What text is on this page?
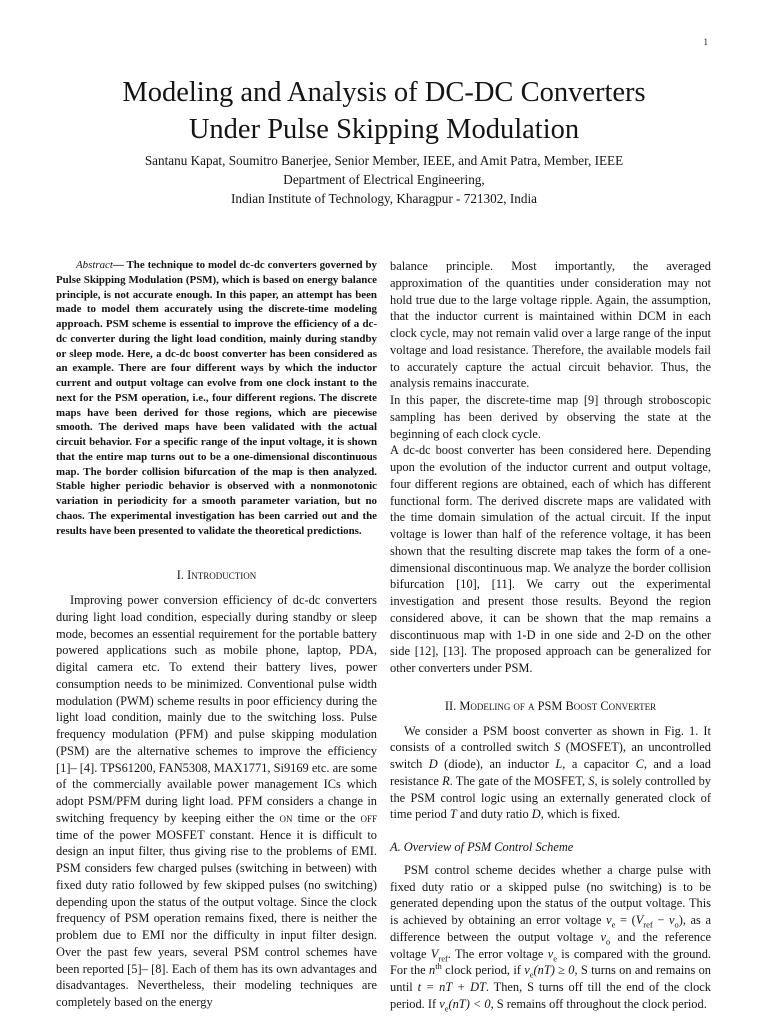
1
Modeling and Analysis of DC-DC Converters
Under Pulse Skipping Modulation
Santanu Kapat, Soumitro Banerjee, Senior Member, IEEE, and Amit Patra, Member, IEEE
Department of Electrical Engineering,
Indian Institute of Technology, Kharagpur - 721302, India

Abstract— The technique to model dc-dc converters governed by Pulse Skipping Modulation (PSM), which is based on energy balance principle, is not accurate enough. In this paper, an attempt has been made to model them accurately using the discrete-time modeling approach. PSM scheme is essential to improve the efficiency of a dc-dc converter during the light load condition, mainly during standby or sleep mode. Here, a dc-dc boost converter has been considered as an example. There are four different ways by which the inductor current and output voltage can evolve from one clock instant to the next for the PSM operation, i.e., four different regions. The discrete maps have been derived for those regions, which are piecewise smooth. The derived maps have been validated with the actual circuit behavior. For a specific range of the input voltage, it is shown that the entire map turns out to be a one-dimensional discontinuous map. The border collision bifurcation of the map is then analyzed. Stable higher periodic behavior is observed with a nonmonotonic variation in periodicity for a smooth parameter variation, but no chaos. The experimental investigation has been carried out and the results have been presented to validate the theoretical predictions.

I. Introduction

Improving power conversion efficiency of dc-dc converters during light load condition, especially during standby or sleep mode, becomes an essential requirement for the portable battery powered applications such as mobile phone, laptop, PDA, digital camera etc. To extend their battery lives, power consumption needs to be minimized. Conventional pulse width modulation (PWM) scheme results in poor efficiency during the light load condition, mainly due to the switching loss. Pulse frequency modulation (PFM) and pulse skipping modulation (PSM) are the alternative schemes to improve the efficiency [1]– [4]. TPS61200, FAN5308, MAX1771, Si9169 etc. are some of the commercially available power management ICs which adopt PSM/PFM during light load. PFM considers a change in switching frequency by keeping either the on time or the off time of the power MOSFET constant. Hence it is difficult to design an input filter, thus giving rise to the problems of EMI. PSM considers few charged pulses (switching in between) with fixed duty ratio followed by few skipped pulses (no switching) depending upon the status of the output voltage. Since the clock frequency of PSM operation remains fixed, there is neither the problem due to EMI nor the difficulty in input filter design. Over the past few years, several PSM control schemes have been reported [5]– [8]. Each of them has its own advantages and disadvantages. Nevertheless, their modeling techniques are completely based on the energy

balance principle. Most importantly, the averaged approximation of the quantities under consideration may not hold true due to the large voltage ripple. Again, the assumption, that the inductor current is maintained within DCM in each clock cycle, may not remain valid over a large range of the input voltage and load resistance. Therefore, the available models fail to accurately capture the actual circuit behavior. Thus, the analysis remains inaccurate.

In this paper, the discrete-time map [9] through stroboscopic sampling has been derived by observing the state at the beginning of each clock cycle.

A dc-dc boost converter has been considered here. Depending upon the evolution of the inductor current and output voltage, four different regions are obtained, each of which has different functional form. The derived discrete maps are validated with the time domain simulation of the actual circuit. If the input voltage is lower than half of the reference voltage, it has been shown that the resulting discrete map takes the form of a one-dimensional discontinuous map. We analyze the border collision bifurcation [10], [11]. We carry out the experimental investigation and present those results. Beyond the region considered above, it can be shown that the map remains a discontinuous map with 1-D in one side and 2-D on the other side [12], [13]. The proposed approach can be generalized for other converters under PSM.

II. Modeling of a PSM Boost Converter

We consider a PSM boost converter as shown in Fig. 1. It consists of a controlled switch S (MOSFET), an uncontrolled switch D (diode), an inductor L, a capacitor C, and a load resistance R. The gate of the MOSFET, S, is solely controlled by the PSM control logic using an externally generated clock of time period T and duty ratio D, which is fixed.

A. Overview of PSM Control Scheme

PSM control scheme decides whether a charge pulse with fixed duty ratio or a skipped pulse (no switching) is to be generated depending upon the status of the output voltage. This is achieved by obtaining an error voltage $v_e = (V_{ref} - v_o)$, as a difference between the output voltage $v_o$ and the reference voltage $V_{ref}$. The error voltage $v_e$ is compared with the ground. For the $n^{th}$ clock period, if $v_e(nT) \ge 0$, S turns on and remains on until t = nT + DT. Then, S turns off till the end of the clock period. If $v_e(nT) < 0$, S remains off throughout the clock period.
